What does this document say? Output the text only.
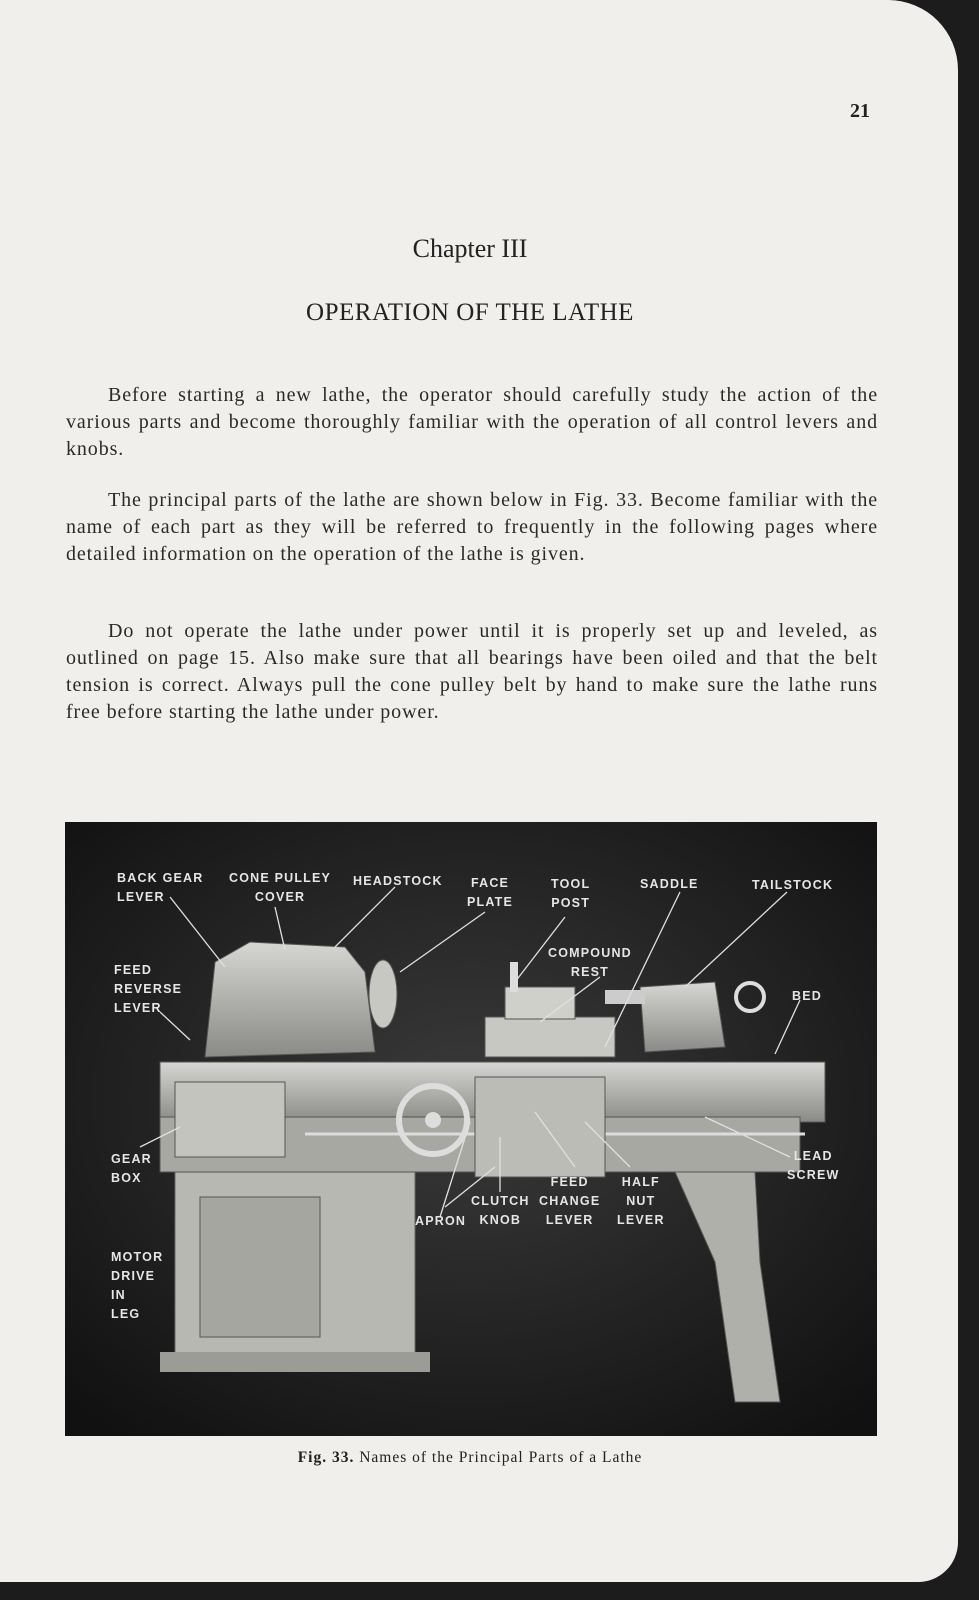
21
Chapter III
OPERATION OF THE LATHE

Before starting a new lathe, the operator should carefully study the action of the various parts and become thoroughly familiar with the operation of all control levers and knobs.

The principal parts of the lathe are shown below in Fig. 33. Become familiar with the name of each part as they will be referred to frequently in the following pages where detailed information on the operation of the lathe is given.

Do not operate the lathe under power until it is properly set up and leveled, as outlined on page 15. Also make sure that all bearings have been oiled and that the belt tension is correct. Always pull the cone pulley belt by hand to make sure the lathe runs free before starting the lathe under power.

BACK GEAR
LEVER
CONE PULLEY
COVER
HEADSTOCK	FACE
PLATE
TOOL
POST
SADDLE	TAILSTOCK
COMPOUND
REST
BED
FEED
REVERSE
LEVER
GEAR
BOX
LEAD
SCREW
FEED
CHANGE
LEVER
HALF
NUT
LEVER
CLUTCH
KNOB
APRON
MOTOR
DRIVE
IN
LEG
Fig. 33. Names of the Principal Parts of a Lathe
